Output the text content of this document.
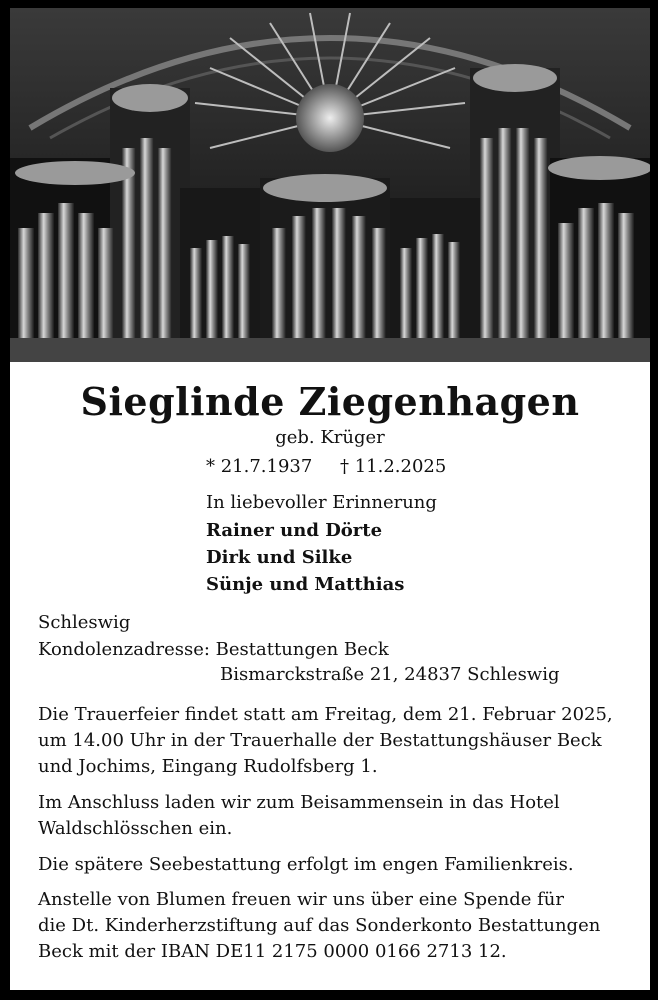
Sieglinde Ziegenhagen
geb. Krüger
* 21.7.1937 † 11.2.2025
In liebevoller Erinnerung
Rainer und Dörte
Dirk und Silke
Sünje und Matthias
Schleswig
Kondolenzadresse: Bestattungen Beck
Bismarckstraße 21, 24837 Schleswig
Die Trauerfeier findet statt am Freitag, dem 21. Februar 2025,
um 14.00 Uhr in der Trauerhalle der Bestattungshäuser Beck
und Jochims, Eingang Rudolfsberg 1.
Im Anschluss laden wir zum Beisammensein in das Hotel
Waldschlösschen ein.
Die spätere Seebestattung erfolgt im engen Familienkreis.
Anstelle von Blumen freuen wir uns über eine Spende für
die Dt. Kinderherzstiftung auf das Sonderkonto Bestattungen
Beck mit der IBAN DE11 2175 0000 0166 2713 12.
